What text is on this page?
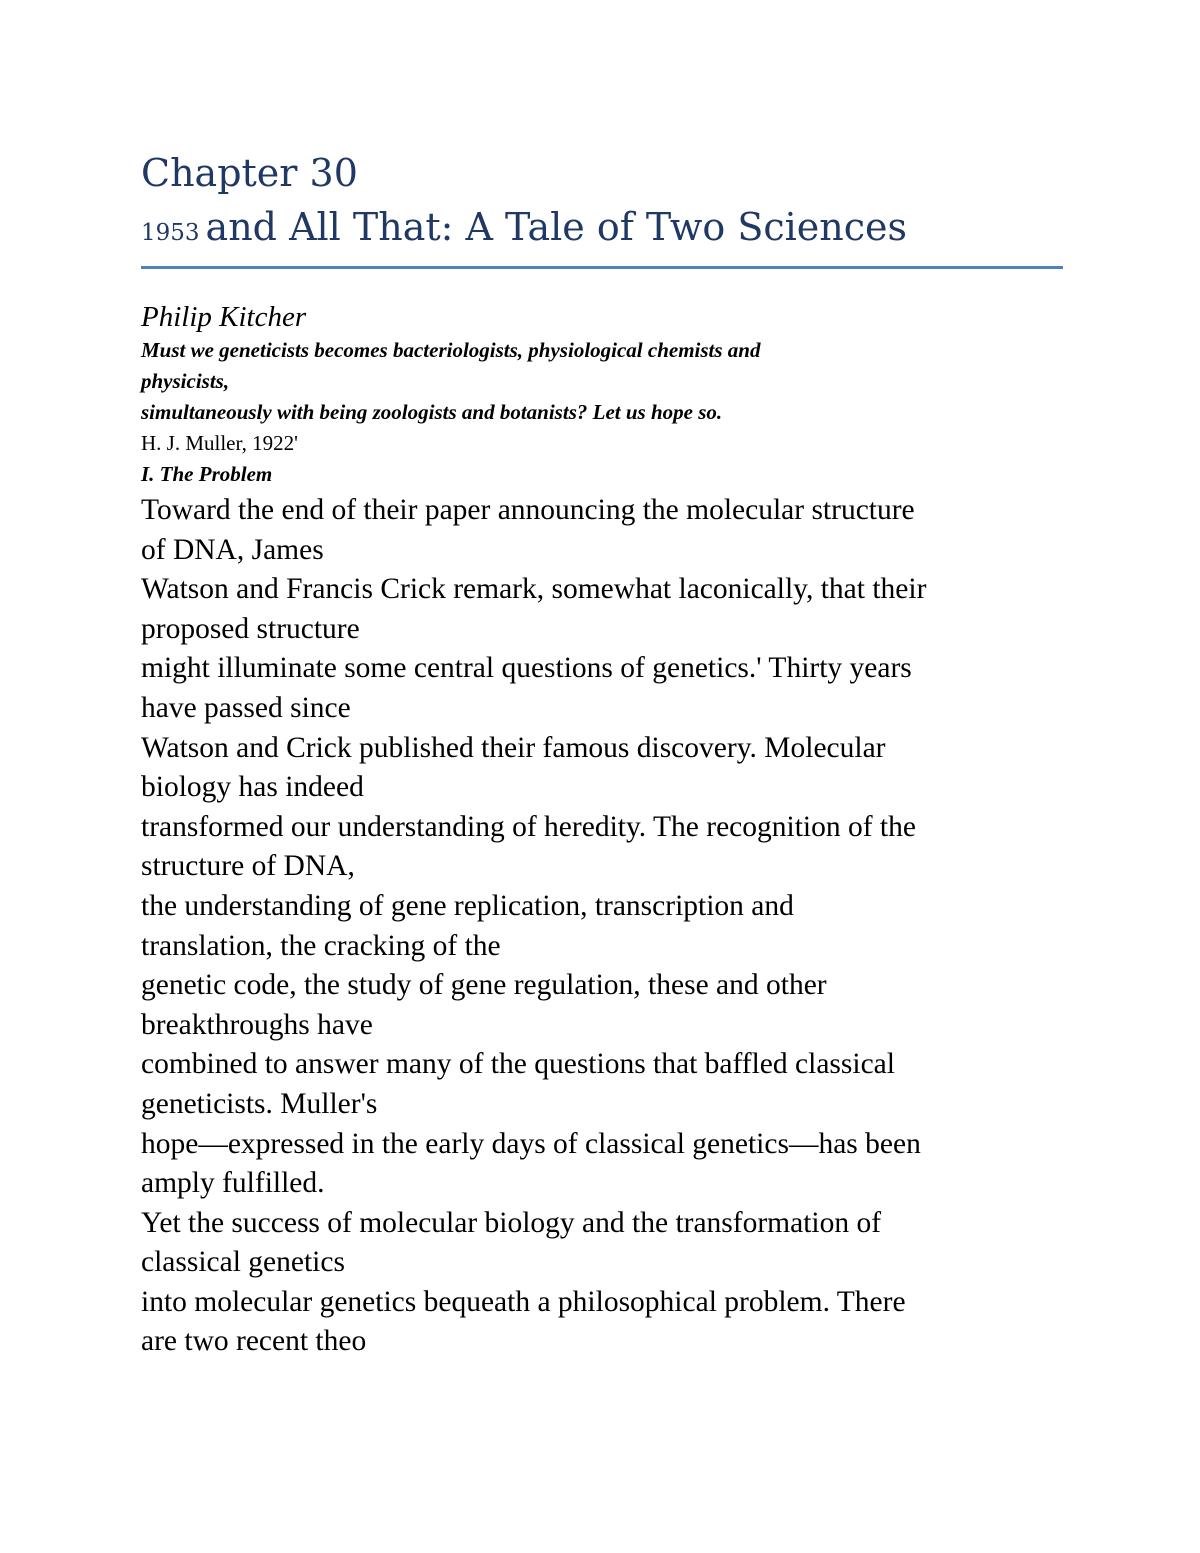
Chapter 30
1953 and All That: A Tale of Two Sciences
Philip Kitcher
Must we geneticists becomes bacteriologists, physiological chemists and
physicists,
simultaneously with being zoologists and botanists? Let us hope so.
H. J. Muller, 1922'
I. The Problem
Toward the end of their paper announcing the molecular structure
of DNA, James
Watson and Francis Crick remark, somewhat laconically, that their
proposed structure
might illuminate some central questions of genetics.' Thirty years
have passed since
Watson and Crick published their famous discovery. Molecular
biology has indeed
transformed our understanding of heredity. The recognition of the
structure of DNA,
the understanding of gene replication, transcription and
translation, the cracking of the
genetic code, the study of gene regulation, these and other
breakthroughs have
combined to answer many of the questions that baffled classical
geneticists. Muller's
hope—expressed in the early days of classical genetics—has been
amply fulfilled.
Yet the success of molecular biology and the transformation of
classical genetics
into molecular genetics bequeath a philosophical problem. There
are two recent theo
